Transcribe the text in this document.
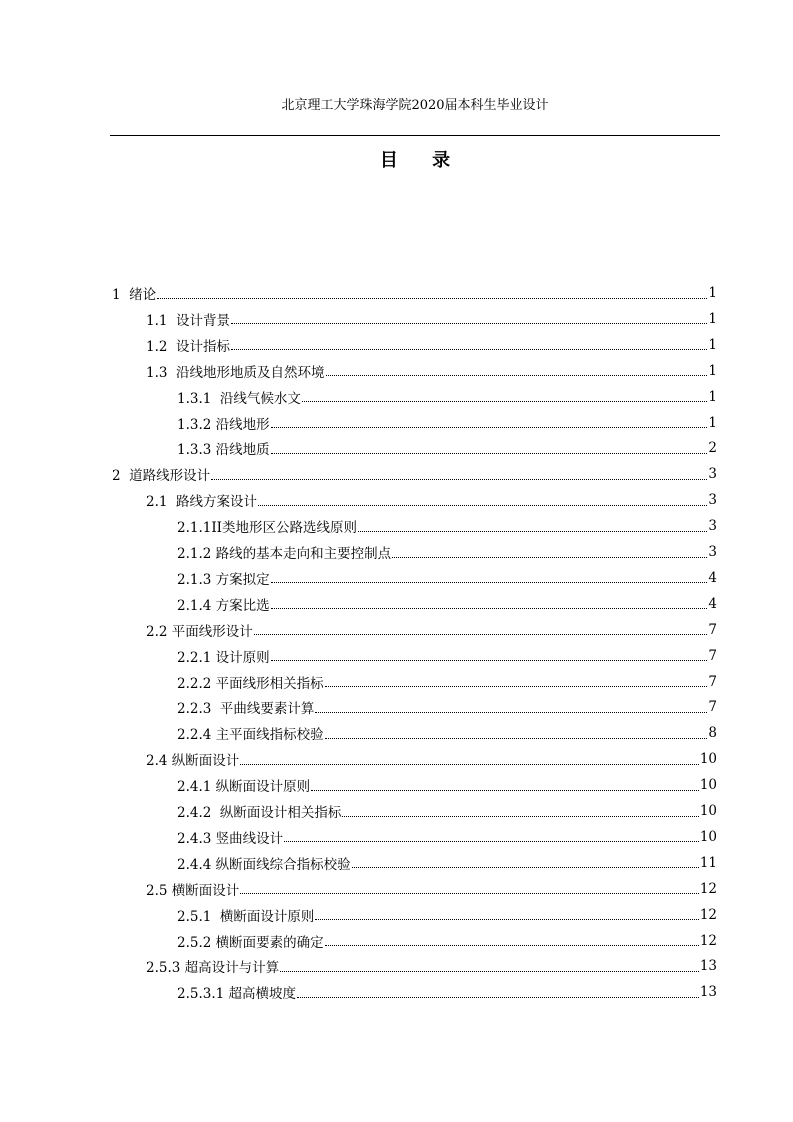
北京理工大学珠海学院2020届本科生毕业设计
目 录
1  绪论	1
1.1  设计背景	1
1.2  设计指标	1
1.3  沿线地形地质及自然环境	1
1.3.1  沿线气候水文	1
1.3.2 沿线地形	1
1.3.3 沿线地质	2
2  道路线形设计	3
2.1  路线方案设计	3
2.1.1II类地形区公路选线原则	3
2.1.2 路线的基本走向和主要控制点	3
2.1.3 方案拟定	4
2.1.4 方案比选	4
2.2 平面线形设计	7
2.2.1 设计原则	7
2.2.2 平面线形相关指标	7
2.2.3  平曲线要素计算	7
2.2.4 主平面线指标校验	8
2.4 纵断面设计	10
2.4.1 纵断面设计原则	10
2.4.2  纵断面设计相关指标	10
2.4.3 竖曲线设计	10
2.4.4 纵断面线综合指标校验	11
2.5 横断面设计	12
2.5.1  横断面设计原则	12
2.5.2 横断面要素的确定	12
2.5.3 超高设计与计算	13
2.5.3.1 超高横坡度	13
